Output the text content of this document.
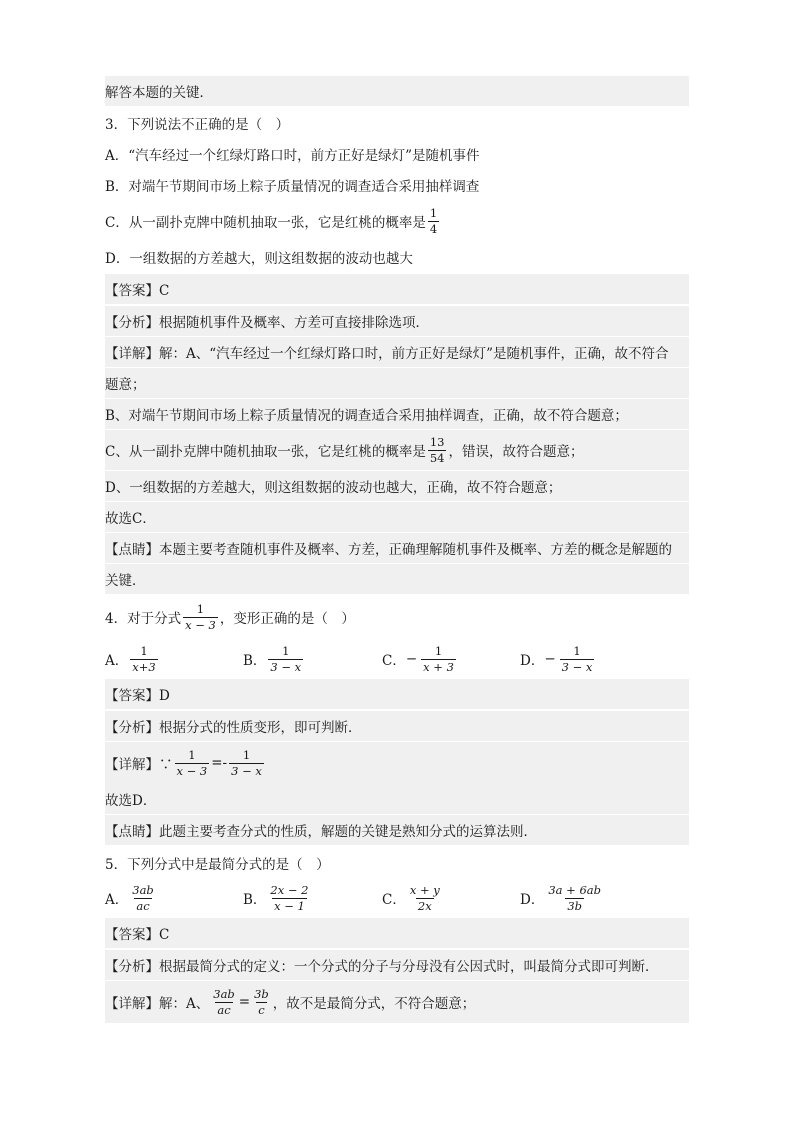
解答本题的关键．
3．下列说法不正确的是（　）
A．“汽车经过一个红绿灯路口时，前方正好是绿灯”是随机事件
B．对端午节期间市场上粽子质量情况的调查适合采用抽样调查
C．从一副扑克牌中随机抽取一张，它是红桃的概率是 $\frac{1}{4}$
D．一组数据的方差越大，则这组数据的波动也越大
【答案】C
【分析】根据随机事件及概率、方差可直接排除选项．
【详解】解：A、“汽车经过一个红绿灯路口时，前方正好是绿灯”是随机事件，正确，故不符合
题意；
B、对端午节期间市场上粽子质量情况的调查适合采用抽样调查，正确，故不符合题意；
C、从一副扑克牌中随机抽取一张，它是红桃的概率是 $\frac{13}{54}$ ，错误，故符合题意；
D、一组数据的方差越大，则这组数据的波动也越大，正确，故不符合题意；
故选C．
【点睛】本题主要考查随机事件及概率、方差，正确理解随机事件及概率、方差的概念是解题的
关键．
4．对于分式 $\frac{1}{x - 3}$ ，变形正确的是（　）
A． $\frac{1}{x+3}$	B． $\frac{1}{3 - x}$	C． − $\frac{1}{x + 3}$	D． − $\frac{1}{3 - x}$
【答案】D
【分析】根据分式的性质变形，即可判断．
【详解】∵ $\frac{1}{x - 3} =- \frac{1}{3 - x}$
故选D．
【点睛】此题主要考查分式的性质，解题的关键是熟知分式的运算法则．
5．下列分式中是最简分式的是（　）
A． $\frac{3ab}{ac}$	B． $\frac{2x - 2}{x - 1}$	C． $\frac{x + y}{2x}$	D． $\frac{3a + 6ab}{3b}$
【答案】C
【分析】根据最简分式的定义：一个分式的分子与分母没有公因式时，叫最简分式即可判断．
【详解】解：A、 $\frac{3ab}{ac} = \frac{3b}{c}$ ，故不是最简分式，不符合题意；
